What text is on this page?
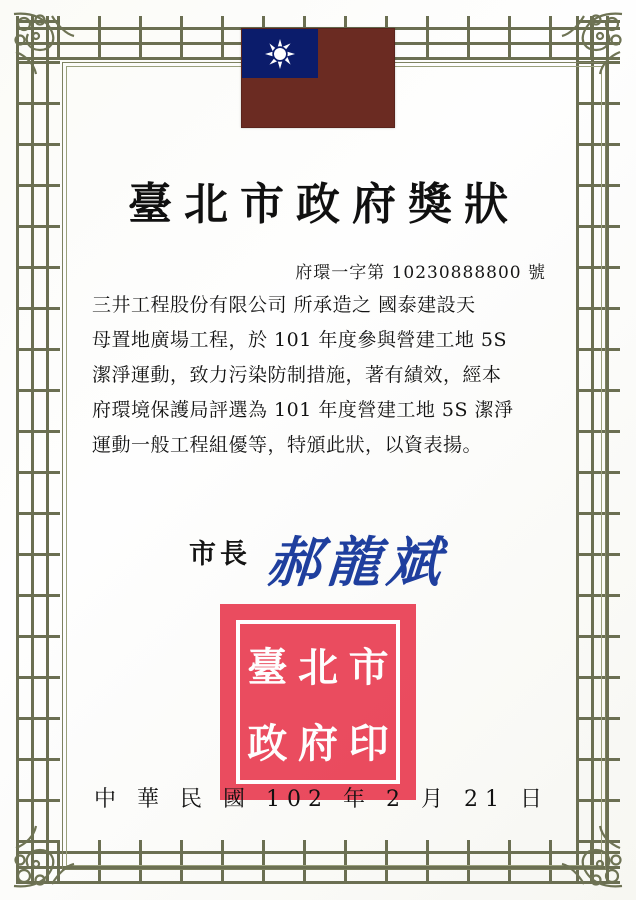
臺北市政府獎狀
府環一字第 10230888800 號

三井工程股份有限公司 所承造之 國泰建設天

母置地廣場工程，於 101 年度參與營建工地 5S

潔淨運動，致力污染防制措施，著有績效，經本

府環境保護局評選為 101 年度營建工地 5S 潔淨

運動一般工程組優等，特頒此狀，以資表揚。

市長 郝龍斌
臺 北 市
政 府 印
中 華 民 國 102 年 2 月 21 日
